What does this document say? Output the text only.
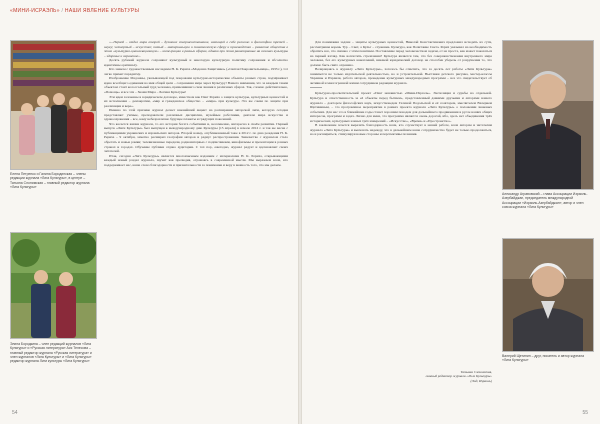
«МИНИ-ИСРАЭЛЬ» / НАШИ ЯВЛЕНИЕ КУЛЬТУРЫ
Елена Петренко и Галина Бородинская – члены редакции журнала «Лига Культуры», в центре – Татьяна Слонимская – главный редактор журнала «Лига Культуры»
Элина Бородкина – член редакций журналов «Лига Культуры» и «Русская литература» Ася Телесова – главный редактор журнала «Русская литература» и член журналов «Лига Культуры» и «Лига Культуры» редактор журнала Лиги культуры «Лига Культуры»

«...Первой – отдел мира второй – духовное совершенствование, имеющий в себе религию и философию третей – науку; четвертый – искусство; пятый – материальную и экономическую сферу и производство – развитие общества в этом «культурно-цивилизационную» – интеграцию в разных сферах, однако при этом равноправные на основах культуры – здоровье и охранение».

Десять рубежей журнала сохраняют культурный и некоторую культурную политику сохранения и абсолютно идентичны оригиналу.

Кто знаком с художественным наследием Н. К. Рериха «Мадонна Защитника» («Святая Покровительница», 1933 г.), тот легко примет парадигму.

Изображение Мадонны, указывающей под покровами культурно-исторические объекты разных стран, подчёркивает идею всеобщего единения во имя общей цели – сохранения мира через Культуру! Вашего внимания, что за каждым таким объектом стоит колоссальный труд человека, применившего свои знания в различных сферах. Так, сложно действительно, «Помощь» и все эти – Знамя Мира – Богиня Культуры!

Эти идеи заложены в юридическом договоре, известном как Пакт Рериха о защите культуры, культурных ценностей и их исполнения – демократии, «мир и гражданское общество – «мира» при культуре. Эта же самая по защите при реализации и вере».

Именно по этой причине журнал делает важнейший акцент на расширении авторской лиги, которую сегодня представляет учёные, преподаватели различных дисциплин, музейные работники, деятели мира искусства и здравоохранения – все, кому небезразлично будущее планеты и грядущих поколений.

Что касается жизни журнала, то его история богата событиями и, несомненно, интересна в своём развитии. Первый выпуск «Лиги Культуры» был выпущен к международному дню Культуры (15 апреля) в начале 2012 г. и так же весна с публикациями украинских и израильских авторов. Второй номер, опубликованный тоже в 2012 г. по дню рождения Н. К. Рериха – 9 октября, заметно расширил география авторов и радиус распространения. Знакомство с журналом стало обретать и новые рамки; телевизионные передачи, радиоинтервью с подписчиками, кинофильмы и презентации в разных странах и городах. Обучение публики отдано аудитории. С тех пор, ежегодно, журнал радует и вдохновляет своих читателей.

Итак, сегодня «Лига Культуры» является многоязычным изданием с материалами Н. К. Рериха, открывающими каждый новый раздел журнала, звучит как прелюдия, отражаясь в современной мысли. Мы выражаем всем, кто поддерживает нас, наше слово благодарности и признательности за понимание и веру в важность того, что мы делаем.

54

Для понимания задачи – защиты культурных ценностей, Николай Константинович предложил исходить из сути, рассматривая корень Тур – Свет, а Культ – служение. Культура, как Почитание Света. Рерих указывал на необходимость обратить все, что связано с этим понятием. Поставление перед человечеством задачи, от на проста, как может показаться на первый взгляд. Как воплотить стремления? Культура является тем, что без совершенствования внутреннего мира человека, без его культурных накоплений, никакой юридический договор не способен уберечь от разрушения то, что должно быть свято охранено.

Возвращаясь к журналу «Лига Культуры», хотелось бы отметить, что за десять лет работы «Лиги Культуры» занимается не только издательской деятельностью, но и устроительной. Выставки детского рисунка, мастер-классы Украины и Израиля, работа авторов, проведение культурных международных программ – все это свидетельствует об активной и многогранной жизни сотрудников редакции журнала.

Культурно-просветительский проект «Пакт ненавистью «Мини-Израэль». Экспозиция и судьбы на отдельной. Культура и ответственность за её объекты перед бытием», представленный давними друзьями и авторами нашего журнала – доктором философских наук, искусствоведом Галиной Подольской и её соавтором, мыслителем Валерием Щетининым, – это программное мероприятие в рамках проекта журнала «Лига Культуры» о положении знаковых событиях. Для нас это в ближайшие годы станет хорошим поводом для дальнейшего продвижения в русле наших общих интересов, программ и задач. Лично для меня, эта программа является очень дорогой, ибо, здесь нет объединения трёх исторических, культурных и иных трёх измерений – «Искусство», «Время» и «Пространство».

В заключение хочется выразить благодарность всем, кто соучаствует в нашей работе, всем авторам и читателям журнала «Лига Культуры» и высказать надежду, что в дальнейшем наше сотрудничество будет не только продолжаться, но и расширяться, стимулируя новые стороны и перспективы познания.

Татьяна Слонимская,
главный редактор журнала «Лига Культуры»
(Лод, Израиль)
Александр Агравовский – глава Ассоциации Израиль-Азербайджан, председатель международной Ассоциации «Израиль-Азербайджан», автор и член союза журнала «Лига Культуры»
Валерий Щетинин – друг, писатель и автор журнала «Лига Культуры»
55
